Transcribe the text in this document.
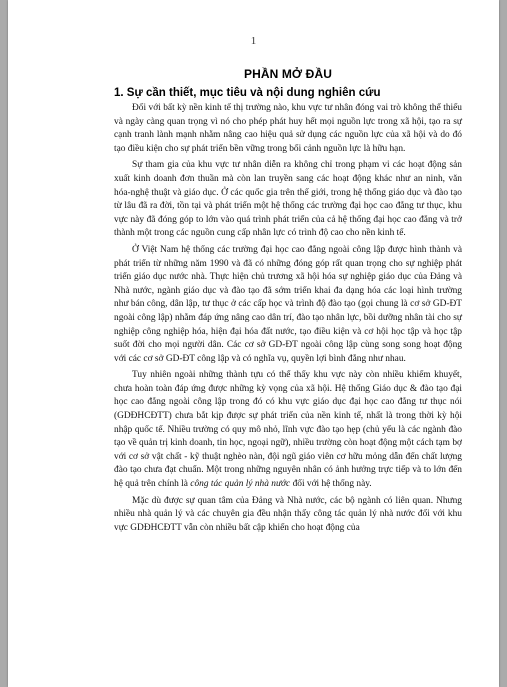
1
PHẦN MỞ ĐẦU
1. Sự cần thiết, mục tiêu và nội dung nghiên cứu

Đối với bất kỳ nền kinh tế thị trường nào, khu vực tư nhân đóng vai trò không thể thiếu và ngày càng quan trọng vì nó cho phép phát huy hết mọi nguồn lực trong xã hội, tạo ra sự cạnh tranh lành mạnh nhằm nâng cao hiệu quả sử dụng các nguồn lực của xã hội và do đó tạo điều kiện cho sự phát triển bền vững trong bối cảnh nguồn lực là hữu hạn.

Sự tham gia của khu vực tư nhân diễn ra không chỉ trong phạm vi các hoạt động sản xuất kinh doanh đơn thuần mà còn lan truyền sang các hoạt động khác như an ninh, văn hóa-nghệ thuật và giáo dục. Ở các quốc gia trên thế giới, trong hệ thống giáo dục và đào tạo từ lâu đã ra đời, tồn tại và phát triển một hệ thống các trường đại học cao đẳng tư thục, khu vực này đã đóng góp to lớn vào quá trình phát triển của cả hệ thống đại học cao đẳng và trở thành một trong các nguồn cung cấp nhân lực có trình độ cao cho nền kinh tế.

Ở Việt Nam hệ thống các trường đại học cao đẳng ngoài công lập được hình thành và phát triển từ những năm 1990 và đã có những đóng góp rất quan trọng cho sự nghiệp phát triển giáo dục nước nhà. Thực hiện chủ trương xã hội hóa sự nghiệp giáo dục của Đảng và Nhà nước, ngành giáo dục và đào tạo đã sớm triển khai đa dạng hóa các loại hình trường như bán công, dân lập, tư thục ở các cấp học và trình độ đào tạo (gọi chung là cơ sở GD-ĐT ngoài công lập) nhằm đáp ứng nâng cao dân trí, đào tạo nhân lực, bồi dưỡng nhân tài cho sự nghiệp công nghiệp hóa, hiện đại hóa đất nước, tạo điều kiện và cơ hội học tập và học tập suốt đời cho mọi người dân. Các cơ sở GD-ĐT ngoài công lập cùng song song hoạt động với các cơ sở GD-ĐT công lập và có nghĩa vụ, quyền lợi bình đẳng như nhau.

Tuy nhiên ngoài những thành tựu có thể thấy khu vực này còn nhiều khiếm khuyết, chưa hoàn toàn đáp ứng được những kỳ vọng của xã hội. Hệ thống Giáo dục & đào tạo đại học cao đẳng ngoài công lập trong đó có khu vực giáo dục đại học cao đẳng tư thục nói (GDĐHCĐTT) chưa bắt kịp được sự phát triển của nền kinh tế, nhất là trong thời kỳ hội nhập quốc tế. Nhiều trường có quy mô nhỏ, lĩnh vực đào tạo hẹp (chủ yếu là các ngành đào tạo về quản trị kinh doanh, tin học, ngoại ngữ), nhiều trường còn hoạt động một cách tạm bợ với cơ sở vật chất - kỹ thuật nghèo nàn, đội ngũ giáo viên cơ hữu mỏng dẫn đến chất lượng đào tạo chưa đạt chuẩn. Một trong những nguyên nhân có ảnh hưởng trực tiếp và to lớn đến hệ quả trên chính là công tác quản lý nhà nước đối với hệ thống này.

Mặc dù được sự quan tâm của Đảng và Nhà nước, các bộ ngành có liên quan. Nhưng nhiều nhà quản lý và các chuyên gia đều nhận thấy công tác quản lý nhà nước đối với khu vực GDĐHCĐTT vẫn còn nhiều bất cập khiến cho hoạt động của
